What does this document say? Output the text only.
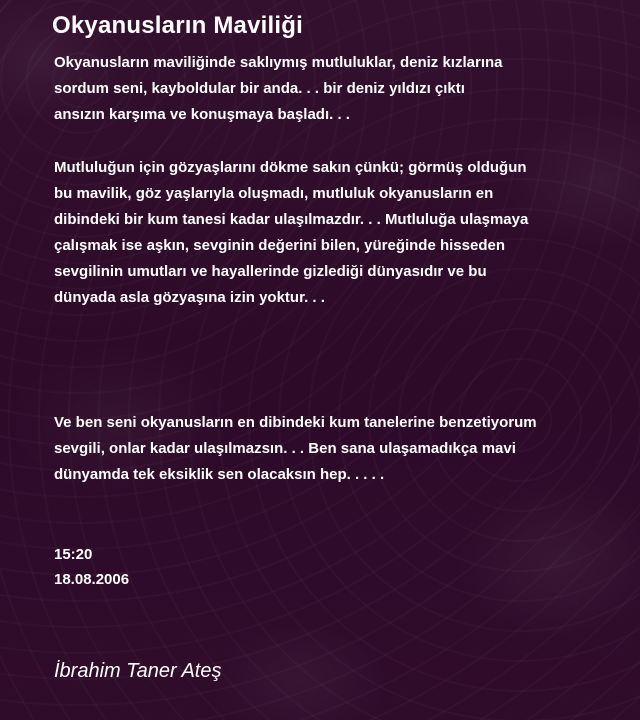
Okyanusların Maviliği

Okyanusların maviliğinde saklıymış mutluluklar, deniz kızlarına
sordum seni, kayboldular bir anda. . . bir deniz yıldızı çıktı
ansızın karşıma ve konuşmaya başladı. . .

Mutluluğun için gözyaşlarını dökme sakın çünkü; görmüş olduğun
bu mavilik, göz yaşlarıyla oluşmadı, mutluluk okyanusların en
dibindeki bir kum tanesi kadar ulaşılmazdır. . . Mutluluğa ulaşmaya
çalışmak ise aşkın, sevginin değerini bilen, yüreğinde hisseden
sevgilinin umutları ve hayallerinde gizlediği dünyasıdır ve bu
dünyada asla gözyaşına izin yoktur. . .

Ve ben seni okyanusların en dibindeki kum tanelerine benzetiyorum
sevgili, onlar kadar ulaşılmazsın. . . Ben sana ulaşamadıkça mavi
dünyamda tek eksiklik sen olacaksın hep. . . . .

15:20

18.08.2006

İbrahim Taner Ateş
